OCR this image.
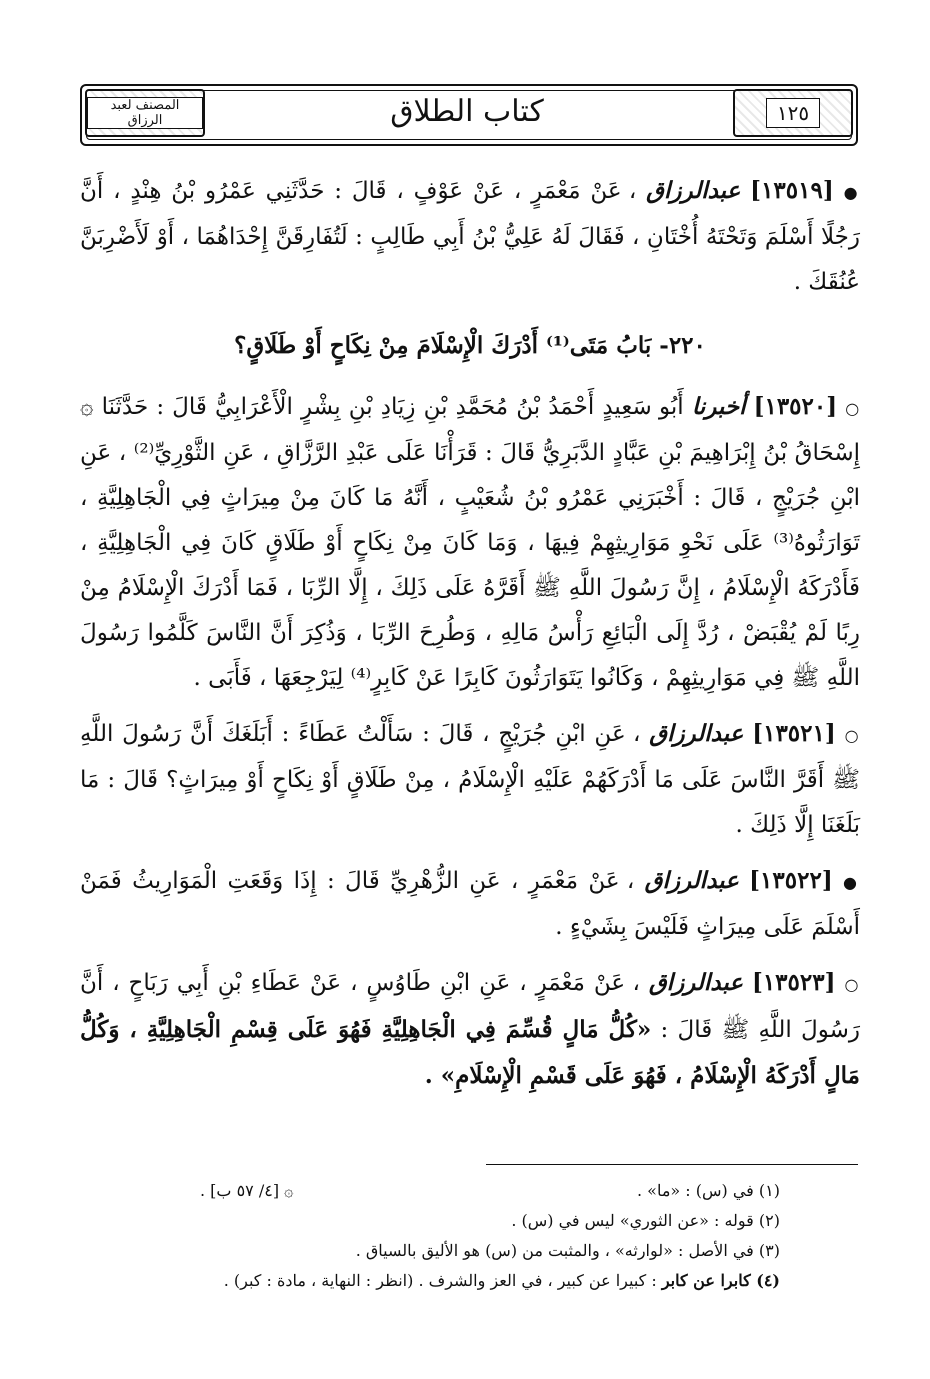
١٢٥
كتاب الطلاق
المصنف لعبد الرزاق

● [١٣٥١٩] عبدالرزاق ، عَنْ مَعْمَرٍ ، عَنْ عَوْفٍ ، قَالَ : حَدَّثَنِي عَمْرُو بْنُ هِنْدٍ ، أَنَّ رَجُلًا أَسْلَمَ وَتَحْتَهُ أُخْتَانِ ، فَقَالَ لَهُ عَلِيُّ بْنُ أَبِي طَالِبٍ : لَتُفَارِقَنَّ إِحْدَاهُمَا ، أَوْ لَأَضْرِبَنَّ عُنُقَكَ .

٢٢٠- بَابُ مَتَى⁽¹⁾ أَدْرَكَ الْإِسْلَامَ مِنْ نِكَاحٍ أَوْ طَلَاقٍ؟

○ [١٣٥٢٠] أخبرنا أَبُو سَعِيدٍ أَحْمَدُ بْنُ مُحَمَّدِ بْنِ زِيَادِ بْنِ بِشْرٍ الْأَعْرَابِيُّ قَالَ : حَدَّثَنَا ۞ إِسْحَاقُ بْنُ إِبْرَاهِيمَ بْنِ عَبَّادٍ الدَّبَرِيُّ قَالَ : قَرَأْنَا عَلَى عَبْدِ الرَّزَّاقِ ، عَنِ الثَّوْرِيِّ⁽²⁾ ، عَنِ ابْنِ جُرَيْجٍ ، قَالَ : أَخْبَرَنِي عَمْرُو بْنُ شُعَيْبٍ ، أَنَّهُ مَا كَانَ مِنْ مِيرَاثٍ فِي الْجَاهِلِيَّةِ ، تَوَارَثُوهُ⁽³⁾ عَلَى نَحْوِ مَوَارِيثِهِمْ فِيهَا ، وَمَا كَانَ مِنْ نِكَاحٍ أَوْ طَلَاقٍ كَانَ فِي الْجَاهِلِيَّةِ ، فَأَدْرَكَهُ الْإِسْلَامُ ، إِنَّ رَسُولَ اللَّهِ ﷺ أَقَرَّهُ عَلَى ذَلِكَ ، إِلَّا الرِّبَا ، فَمَا أَدْرَكَ الْإِسْلَامُ مِنْ رِبًا لَمْ يُقْبَضْ ، رُدَّ إِلَى الْبَائِعِ رَأْسُ مَالِهِ ، وَطُرِحَ الرِّبَا ، وَذُكِرَ أَنَّ النَّاسَ كَلَّمُوا رَسُولَ اللَّهِ ﷺ فِي مَوَارِيثِهِمْ ، وَكَانُوا يَتَوَارَثُونَ كَابِرًا عَنْ كَابِرٍ⁽⁴⁾ لِيَرْجِعَهَا ، فَأَبَى .

○ [١٣٥٢١] عبدالرزاق ، عَنِ ابْنِ جُرَيْجٍ ، قَالَ : سَأَلْتُ عَطَاءً : أَبَلَغَكَ أَنَّ رَسُولَ اللَّهِ ﷺ أَقَرَّ النَّاسَ عَلَى مَا أَدْرَكَهُمْ عَلَيْهِ الْإِسْلَامُ ، مِنْ طَلَاقٍ أَوْ نِكَاحٍ أَوْ مِيرَاثٍ؟ قَالَ : مَا بَلَغَنَا إِلَّا ذَلِكَ .

● [١٣٥٢٢] عبدالرزاق ، عَنْ مَعْمَرٍ ، عَنِ الزُّهْرِيِّ قَالَ : إِذَا وَقَعَتِ الْمَوَارِيثُ فَمَنْ أَسْلَمَ عَلَى مِيرَاثٍ فَلَيْسَ بِشَيْءٍ .

○ [١٣٥٢٣] عبدالرزاق ، عَنْ مَعْمَرٍ ، عَنِ ابْنِ طَاوُسٍ ، عَنْ عَطَاءِ بْنِ أَبِي رَبَاحٍ ، أَنَّ رَسُولَ اللَّهِ ﷺ قَالَ : «كُلُّ مَالٍ قُسِّمَ فِي الْجَاهِلِيَّةِ فَهُوَ عَلَى قِسْمِ الْجَاهِلِيَّةِ ، وَكُلُّ مَالٍ أَدْرَكَهُ الْإِسْلَامُ ، فَهُوَ عَلَى قَسْمِ الْإِسْلَامِ» .

(١) في (س) : «ما» .
۞ [٤/ ٥٧ ب] .
(٢) قوله : «عن الثوري» ليس في (س) .
(٣) في الأصل : «لوارثه» ، والمثبت من (س) هو الأليق بالسياق .
(٤) كابرا عن كابر : كبيرا عن كبير ، في العز والشرف . (انظر : النهاية ، مادة : كبر) .
